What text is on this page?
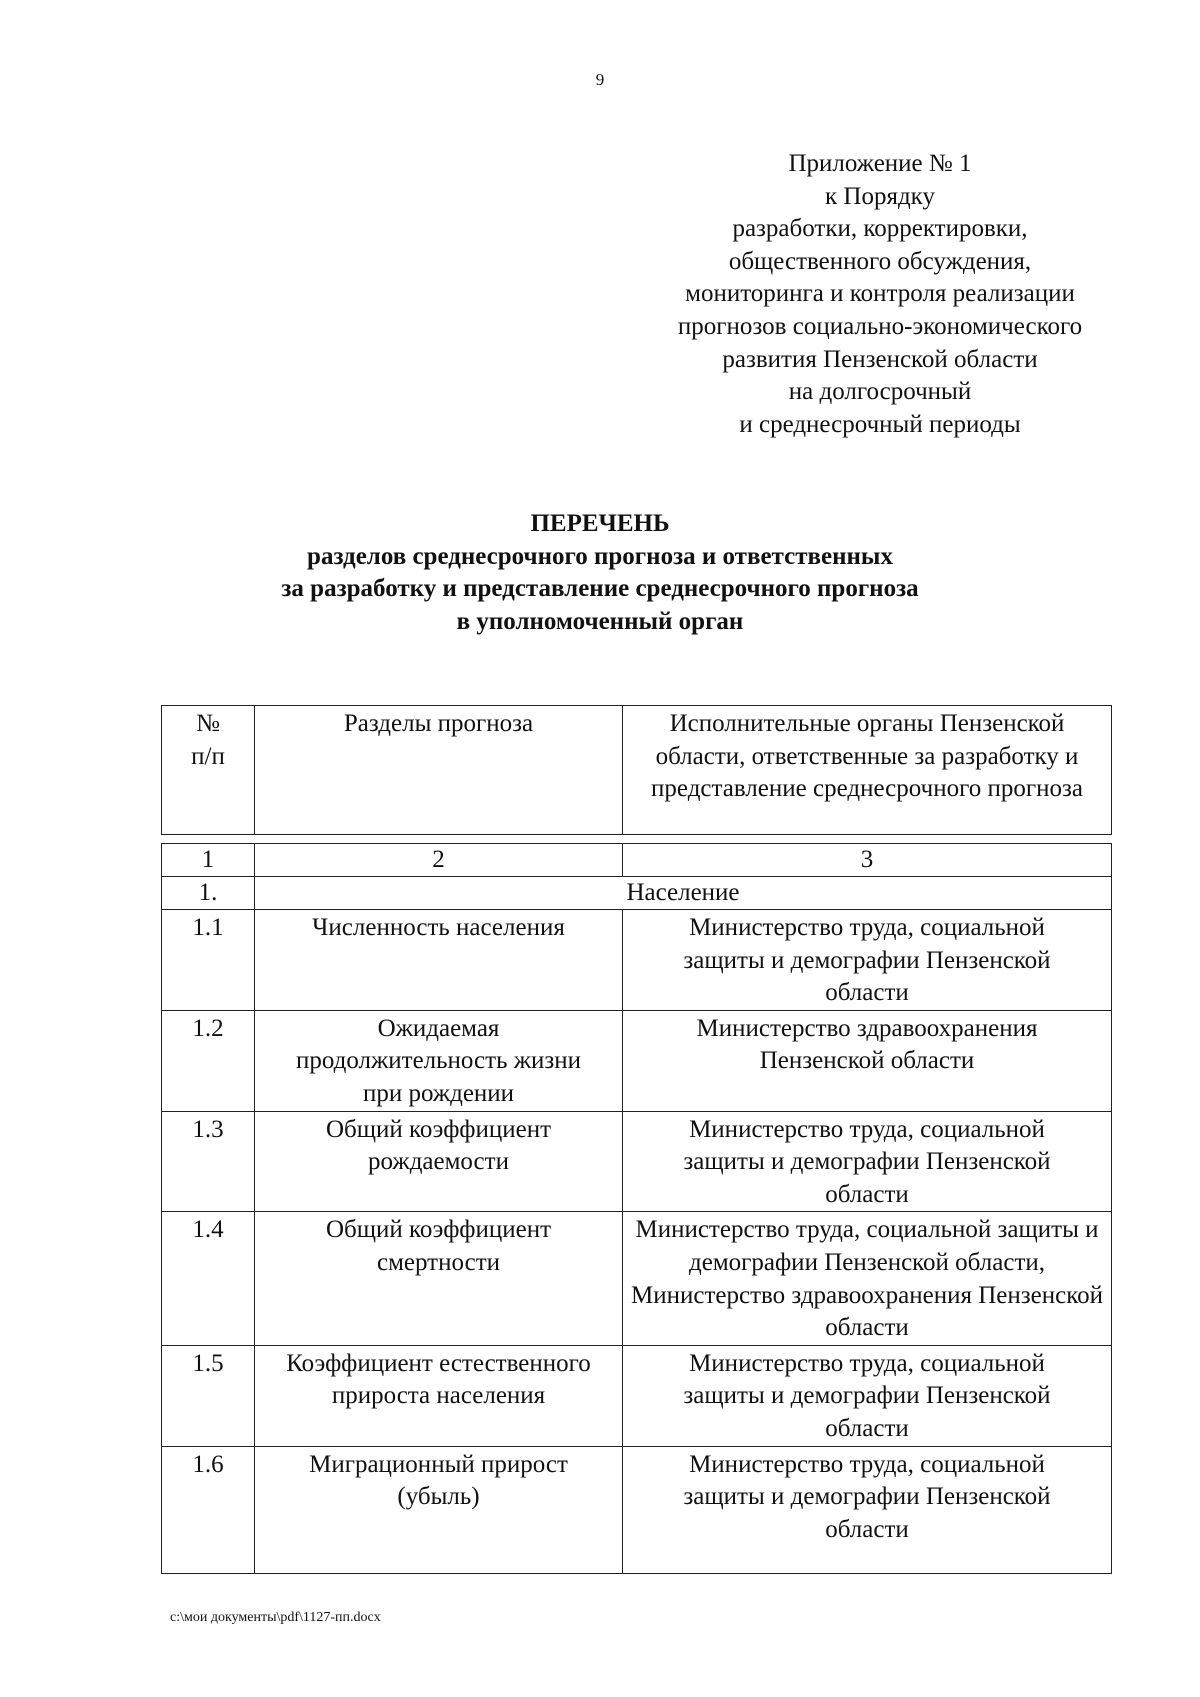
9
Приложение № 1
к Порядку
разработки, корректировки,
общественного обсуждения,
мониторинга и контроля реализации
прогнозов социально-экономического
развития Пензенской области
на долгосрочный
и среднесрочный периоды
ПЕРЕЧЕНЬ
разделов среднесрочного прогноза и ответственных
за разработку и представление среднесрочного прогноза
в уполномоченный орган
№ п/п	Разделы прогноза	Исполнительные органы Пензенской области, ответственные за разработку и представление среднесрочного прогноза
1	2	3
1.	Население	
1.1	Численность населения	Министерство труда, социальной защиты и демографии Пензенской области
1.2	Ожидаемая продолжительность жизни при рождении	Министерство здравоохранения Пензенской области
1.3	Общий коэффициент рождаемости	Министерство труда, социальной защиты и демографии Пензенской области
1.4	Общий коэффициент смертности	Министерство труда, социальной защиты и демографии Пензенской области, Министерство здравоохранения Пензенской области
1.5	Коэффициент естественного прироста населения	Министерство труда, социальной защиты и демографии Пензенской области
1.6	Миграционный прирост (убыль)	Министерство труда, социальной защиты и демографии Пензенской области
c:\мои документы\pdf\1127-пп.docx
